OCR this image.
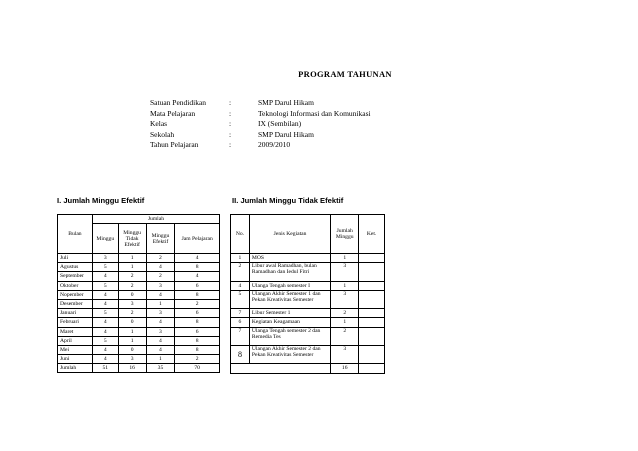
PROGRAM TAHUNAN
Satuan Pendidikan	:	SMP Darul Hikam
Mata Pelajaran	:	Teknologi Informasi dan Komunikasi
Kelas	:	IX (Sembilan)
Sekolah	:	SMP Darul Hikam
Tahun Pelajaran	:	2009/2010
I. Jumlah Minggu Efektif	II. Jumlah Minggu Tidak Efektif
Bulan	Jumlah			
	Minggu	Minggu Tidak Efektif	Minggu Efektif	Jam Pelajaran
Juli	3	1	2	4
Agustus	5	1	4	8
September	4	2	2	4
Oktober	5	2	3	6
Nopember	4	0	4	8
Desember	4	3	1	2
Januari	5	2	3	6
Februari	4	0	4	8
Maret	4	1	3	6
April	5	1	4	8
Mei	4	0	4	8
Juni	4	3	1	2
Jumlah	51	16	35	70
No.	Jenis Kegiatan	Jumlah Minggu	Ket.
1	MOS	1	
2	Libur awal Ramadhan, bulan Ramadhan dan Iedul Fitri	3	
4	Ulanga Tengah semester I	1	
5	Ulangan Akhir Semester 1 dan Pekan Kreativitas Semester	3	
7	Libur Semester 1	2	
6	Kegiatan Keagamaan	1	
7	Ulanga Tengah semester 2 dan Remedia Tes	2	
8	Ulangan Akhir Semester 2 dan Pekan Kreativitas Semester	3	
		16	
